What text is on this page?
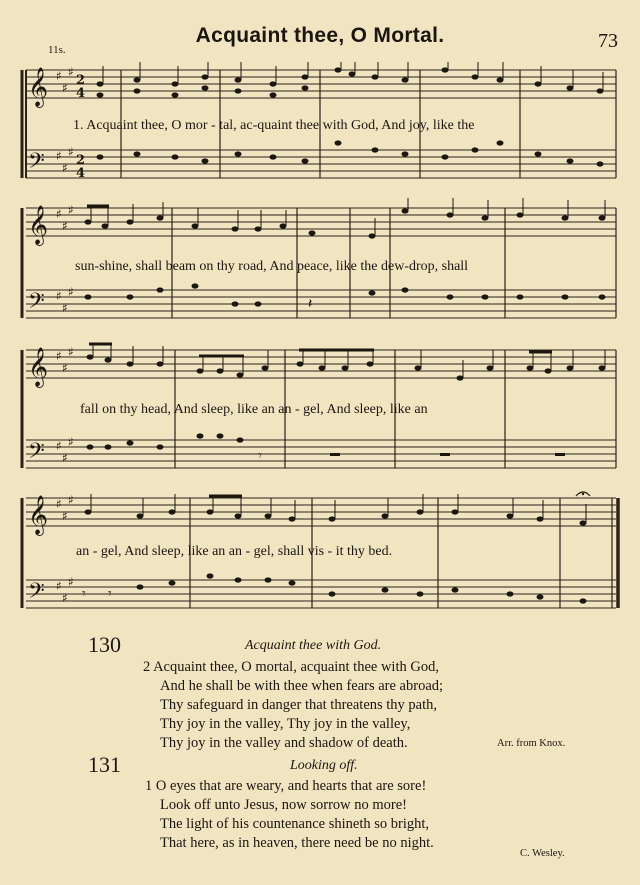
11s.
Acquaint thee, O Mortal.	73
𝄞
𝄢
♯
♯
♯
♯
♯
♯
2
4
2
4
1. Acquaint thee, O mor - tal, ac-quaint thee with God, And joy, like the
𝄞
𝄢
♯
♯
♯
♯
♯
♯
𝄽
sun-shine, shall beam on thy road, And peace, like the dew-drop, shall
𝄞
𝄢
♯
♯
♯
♯
♯
♯
𝄾
fall on thy head, And sleep, like an an - gel, And sleep, like an
𝄞
𝄢
♯
♯
♯
♯
♯
♯
𝄾 𝄾
an - gel, And sleep, like an an - gel, shall vis - it thy bed.
130	Acquaint thee with God.
2 Acquaint thee, O mortal, acquaint thee with God,
And he shall be with thee when fears are abroad;
Thy safeguard in danger that threatens thy path,
Thy joy in the valley, Thy joy in the valley,
Thy joy in the valley and shadow of death.	Arr. from Knox.
131	Looking off.
1 O eyes that are weary, and hearts that are sore!
Look off unto Jesus, now sorrow no more!
The light of his countenance shineth so bright,
That here, as in heaven, there need be no night.
C. Wesley.
